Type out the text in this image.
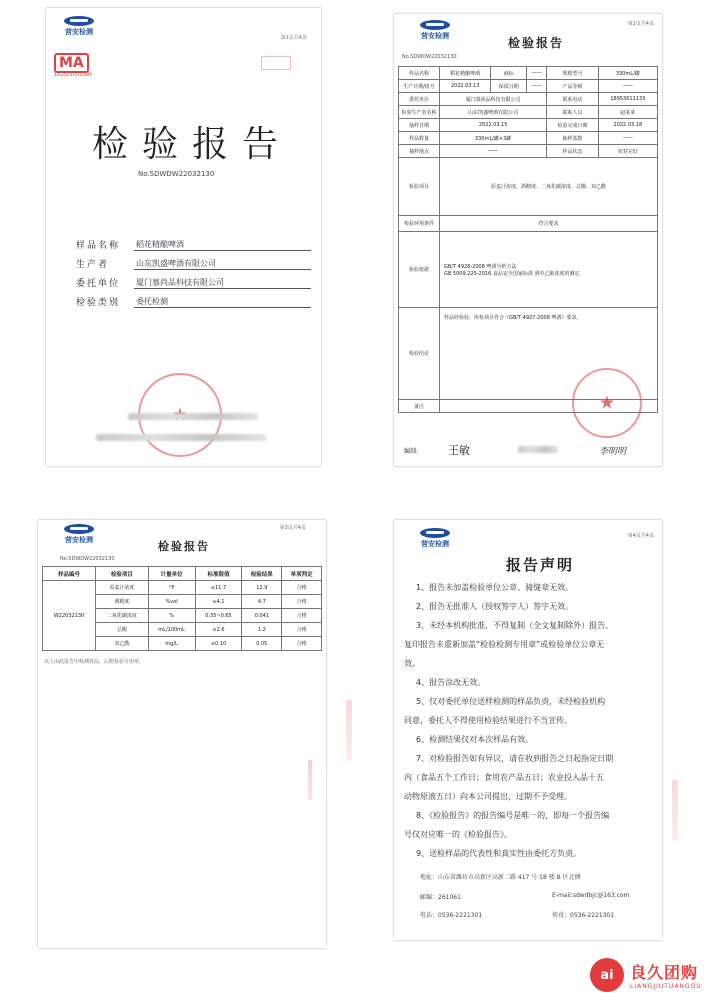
营安检测
第1页共4页
MA
181521050380
检验报告
No.SDWDW22032130
样品名称	稻花精酿啤酒
生产者	山东凯盛啤酒有限公司
委托单位	厦门慕尚品科技有限公司
检验类别	委托检测
营安检测
第2页共4页
No.SDWDW22032130
检验报告
样品名称	稻花精酿啤酒	商标	——	规格型号	330mL/罐
生产日期/批号	2022.03.13	保质日期	——	产品等级	——
委托单位	厦门慕尚品科技有限公司			联系电话	18953611133
检验生产者名称	山东凯盛啤酒有限公司			联系人员	赵某某
抽样日期	2022.03.15			检验完成日期	2022.03.18
样品数量	330mL/罐×3罐			抽样基数	——
抽样地点	——			样品状态	密封完好
检验项目	原麦汁浓度、酒精度、二氧化碳浓度、总酸、双乙酰				
检验环境条件	符合要求				
检验依据	GB/T 4928-2008 啤酒分析方法
GB 5009.225-2016 食品安全国家标准 酒中乙醇浓度的测定				

检验结论	样品经检验，所检项目符合《GB/T 4927-2008 啤酒》要求。				
备注						★
编制:	王敏	李明明
营安检测
第3页共4页
检验报告
No.SDWDW22032130
样品编号	检验项目	计量单位	标准限值	检验结果	单项判定
W22032130	原麦汁浓度	°P	≥11.7	12.9	合格
	酒精度	%vol	≥4.1	4.7	合格
	二氧化碳浓度	%	0.35~0.65	0.041	合格
	总酸	mL/100mL	≤2.6	1.2	合格
	双乙酰	mg/L	≤0.10	0.05	合格
以上由此报告中检测样品，后附检验专用章。
营安检测
第4页共4页
报告声明
1、报告未加盖检验单位公章、骑缝章无效。
2、报告无批准人（授权签字人）签字无效。
3、未经本机构批准，不得复制（全文复制除外）报告。
复印报告未重新加盖“检验检测专用章”或检验单位公章无
效。
4、报告涂改无效。
5、仅对委托单位送样检测的样品负责，未经检验机构
同意，委托人不得使用检验结果进行不当宣传。
6、检测结果仅对本次样品有效。
7、对检验报告如有异议，请在收到报告之日起指定日期
内（食品五个工作日；食用农产品五日；农业投入品十五
动物原液五日）向本公司提出，过期不予受理。
8、《检验报告》的报告编号是唯一的，即每一个报告编
号仅对应唯一的《检验报告》。
9、送检样品的代表性和真实性由委托方负责。
地址：山东省潍坊市高新区高新二路 417 号 18 楼 B 区北侧
邮编：261061	E-mail:sdwdbjc@163.com
电话：0536-2221301	传真：0536-2221301
ai	良久团购
LIANGJIUTUANGOU
